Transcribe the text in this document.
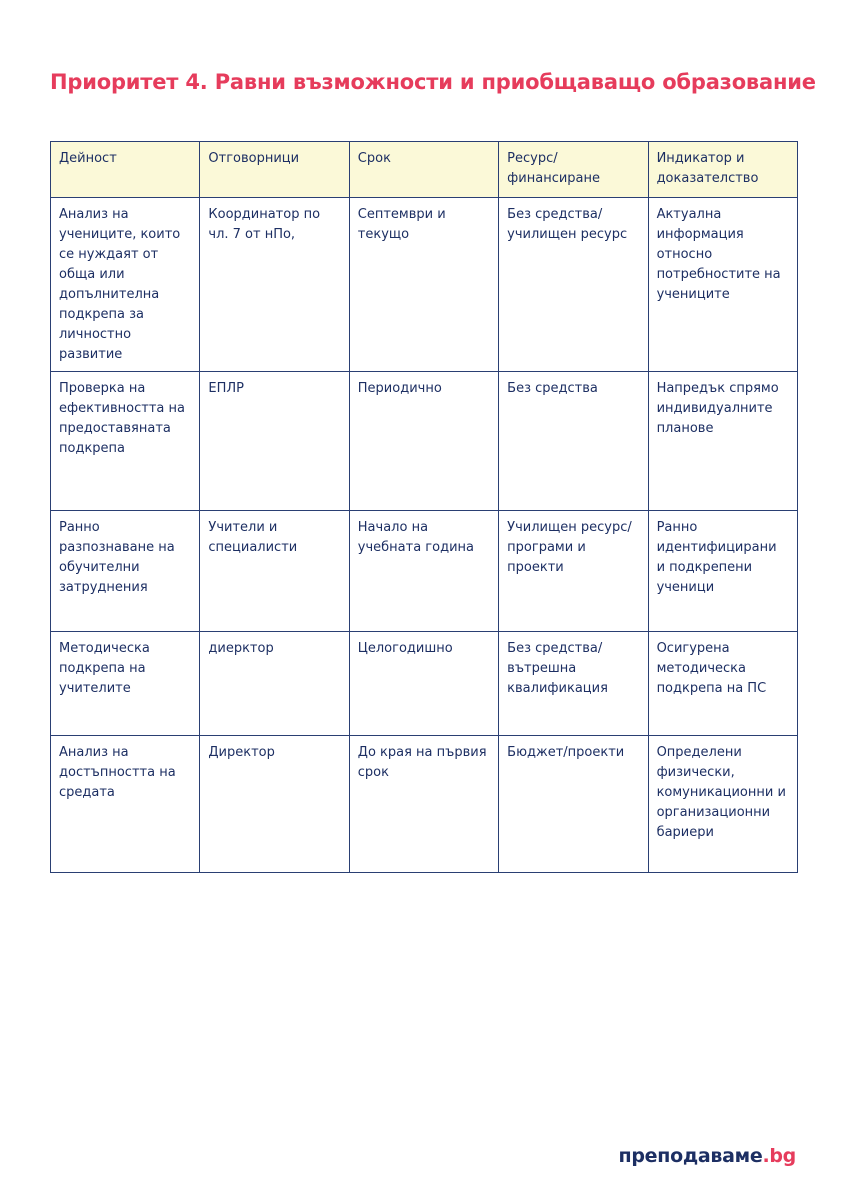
Приоритет 4. Равни възможности и приобщаващо образование
Дейност	Отговорници	Срок	Ресурс/ финансиране	Индикатор и доказателство
Анализ на учениците, които се нуждаят от обща или допълнителна подкрепа за личностно развитие	Координатор по чл. 7 от нПо,	Септември и текущо	Без средства/ училищен ресурс	Актуална информация относно потребностите на учениците
Проверка на ефективността на предоставяната подкрепа	ЕПЛР	Периодично	Без средства	Напредък спрямо индивидуалните планове
Ранно разпознаване на обучителни затруднения	Учители и специалисти	Начало на учебната година	Училищен ресурс/ програми и проекти	Ранно идентифицирани и подкрепени ученици
Методическа подкрепа на учителите	диерктор	Целогодишно	Без средства/ вътрешна квалификация	Осигурена методическа подкрепа на ПС
Анализ на достъпността на средата	Директор	До края на първия срок	Бюджет/проекти	Определени физически, комуникационни и организационни бариери
преподаваме.bg
